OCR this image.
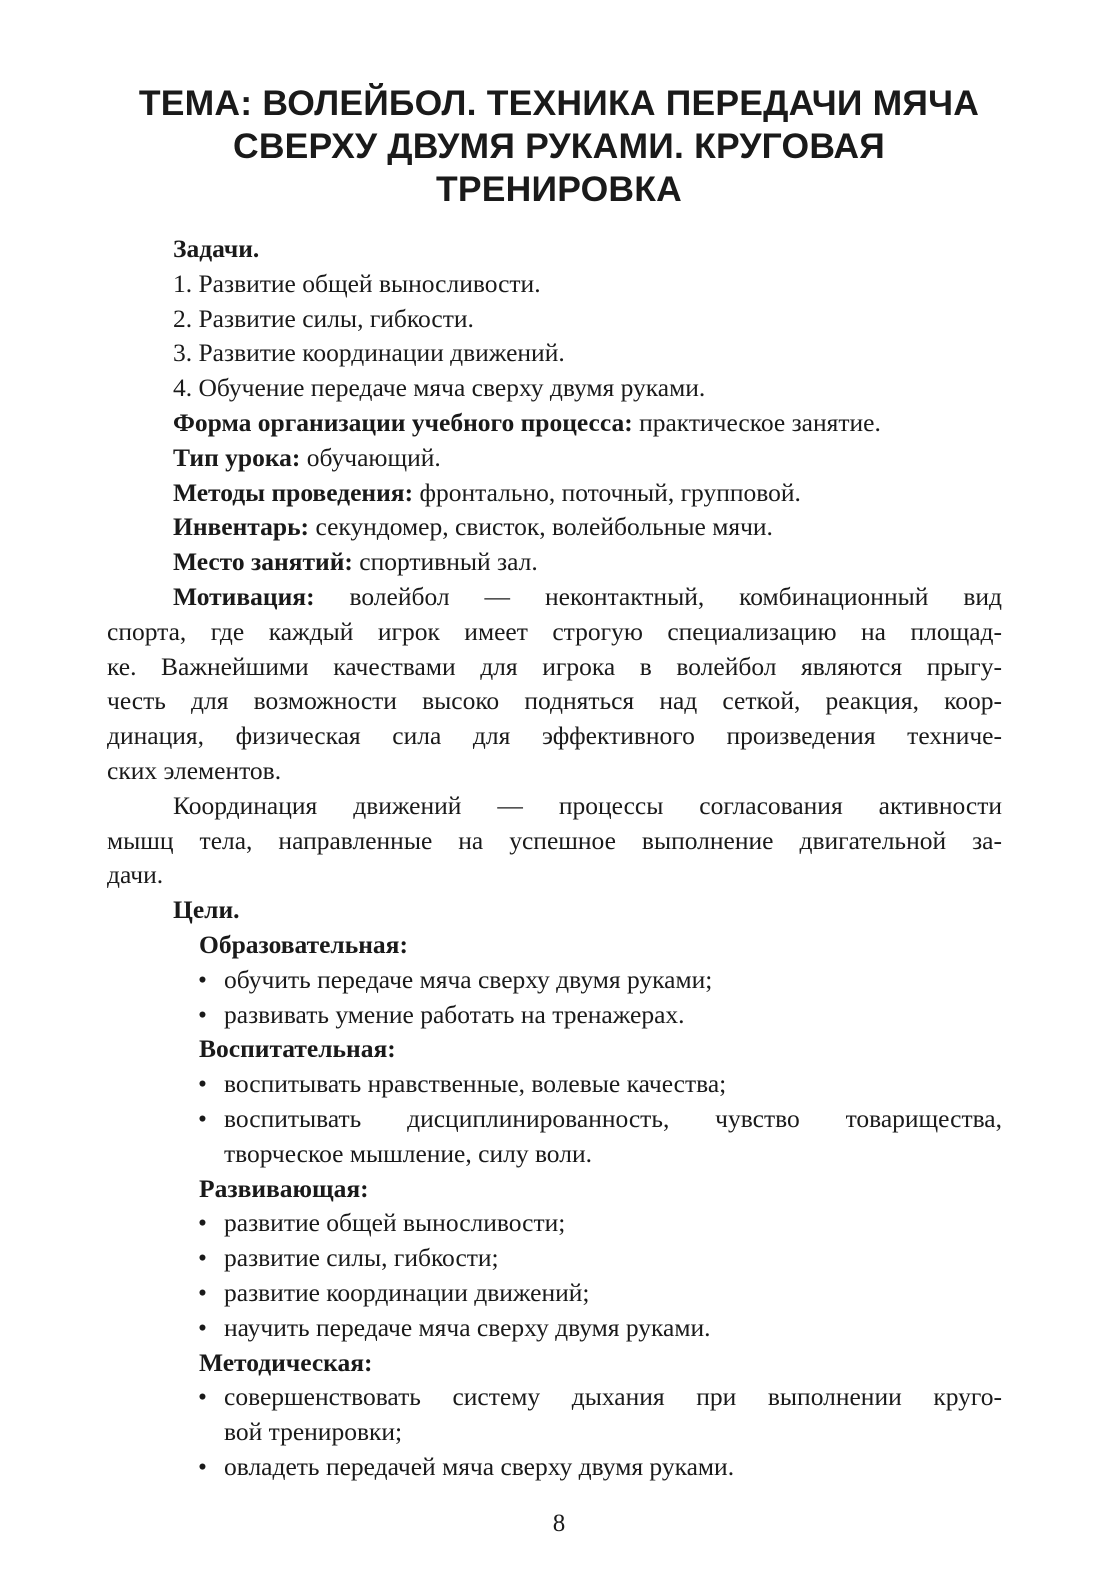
ТЕМА: ВОЛЕЙБОЛ. ТЕХНИКА ПЕРЕДАЧИ МЯЧА
СВЕРХУ ДВУМЯ РУКАМИ. КРУГОВАЯ
ТРЕНИРОВКА
Задачи.
1. Развитие общей выносливости.
2. Развитие силы, гибкости.
3. Развитие координации движений.
4. Обучение передаче мяча сверху двумя руками.
Форма организации учебного процесса: практическое занятие.
Тип урока: обучающий.
Методы проведения: фронтально, поточный, групповой.
Инвентарь: секундомер, свисток, волейбольные мячи.
Место занятий: спортивный зал.
Мотивация: волейбол — неконтактный, комбинационный вид
спорта, где каждый игрок имеет строгую специализацию на площад-
ке. Важнейшими качествами для игрока в волейбол являются прыгу-
честь для возможности высоко подняться над сеткой, реакция, коор-
динация, физическая сила для эффективного произведения техниче-
ских элементов.
Координация движений — процессы согласования активности
мышц тела, направленные на успешное выполнение двигательной за-
дачи.
Цели.
Образовательная:
• обучить передаче мяча сверху двумя руками;
• развивать умение работать на тренажерах.
Воспитательная:
• воспитывать нравственные, волевые качества;
• воспитывать дисциплинированность, чувство товарищества,
творческое мышление, силу воли.
Развивающая:
• развитие общей выносливости;
• развитие силы, гибкости;
• развитие координации движений;
• научить передаче мяча сверху двумя руками.
Методическая:
• совершенствовать систему дыхания при выполнении круго-
вой тренировки;
• овладеть передачей мяча сверху двумя руками.
8
